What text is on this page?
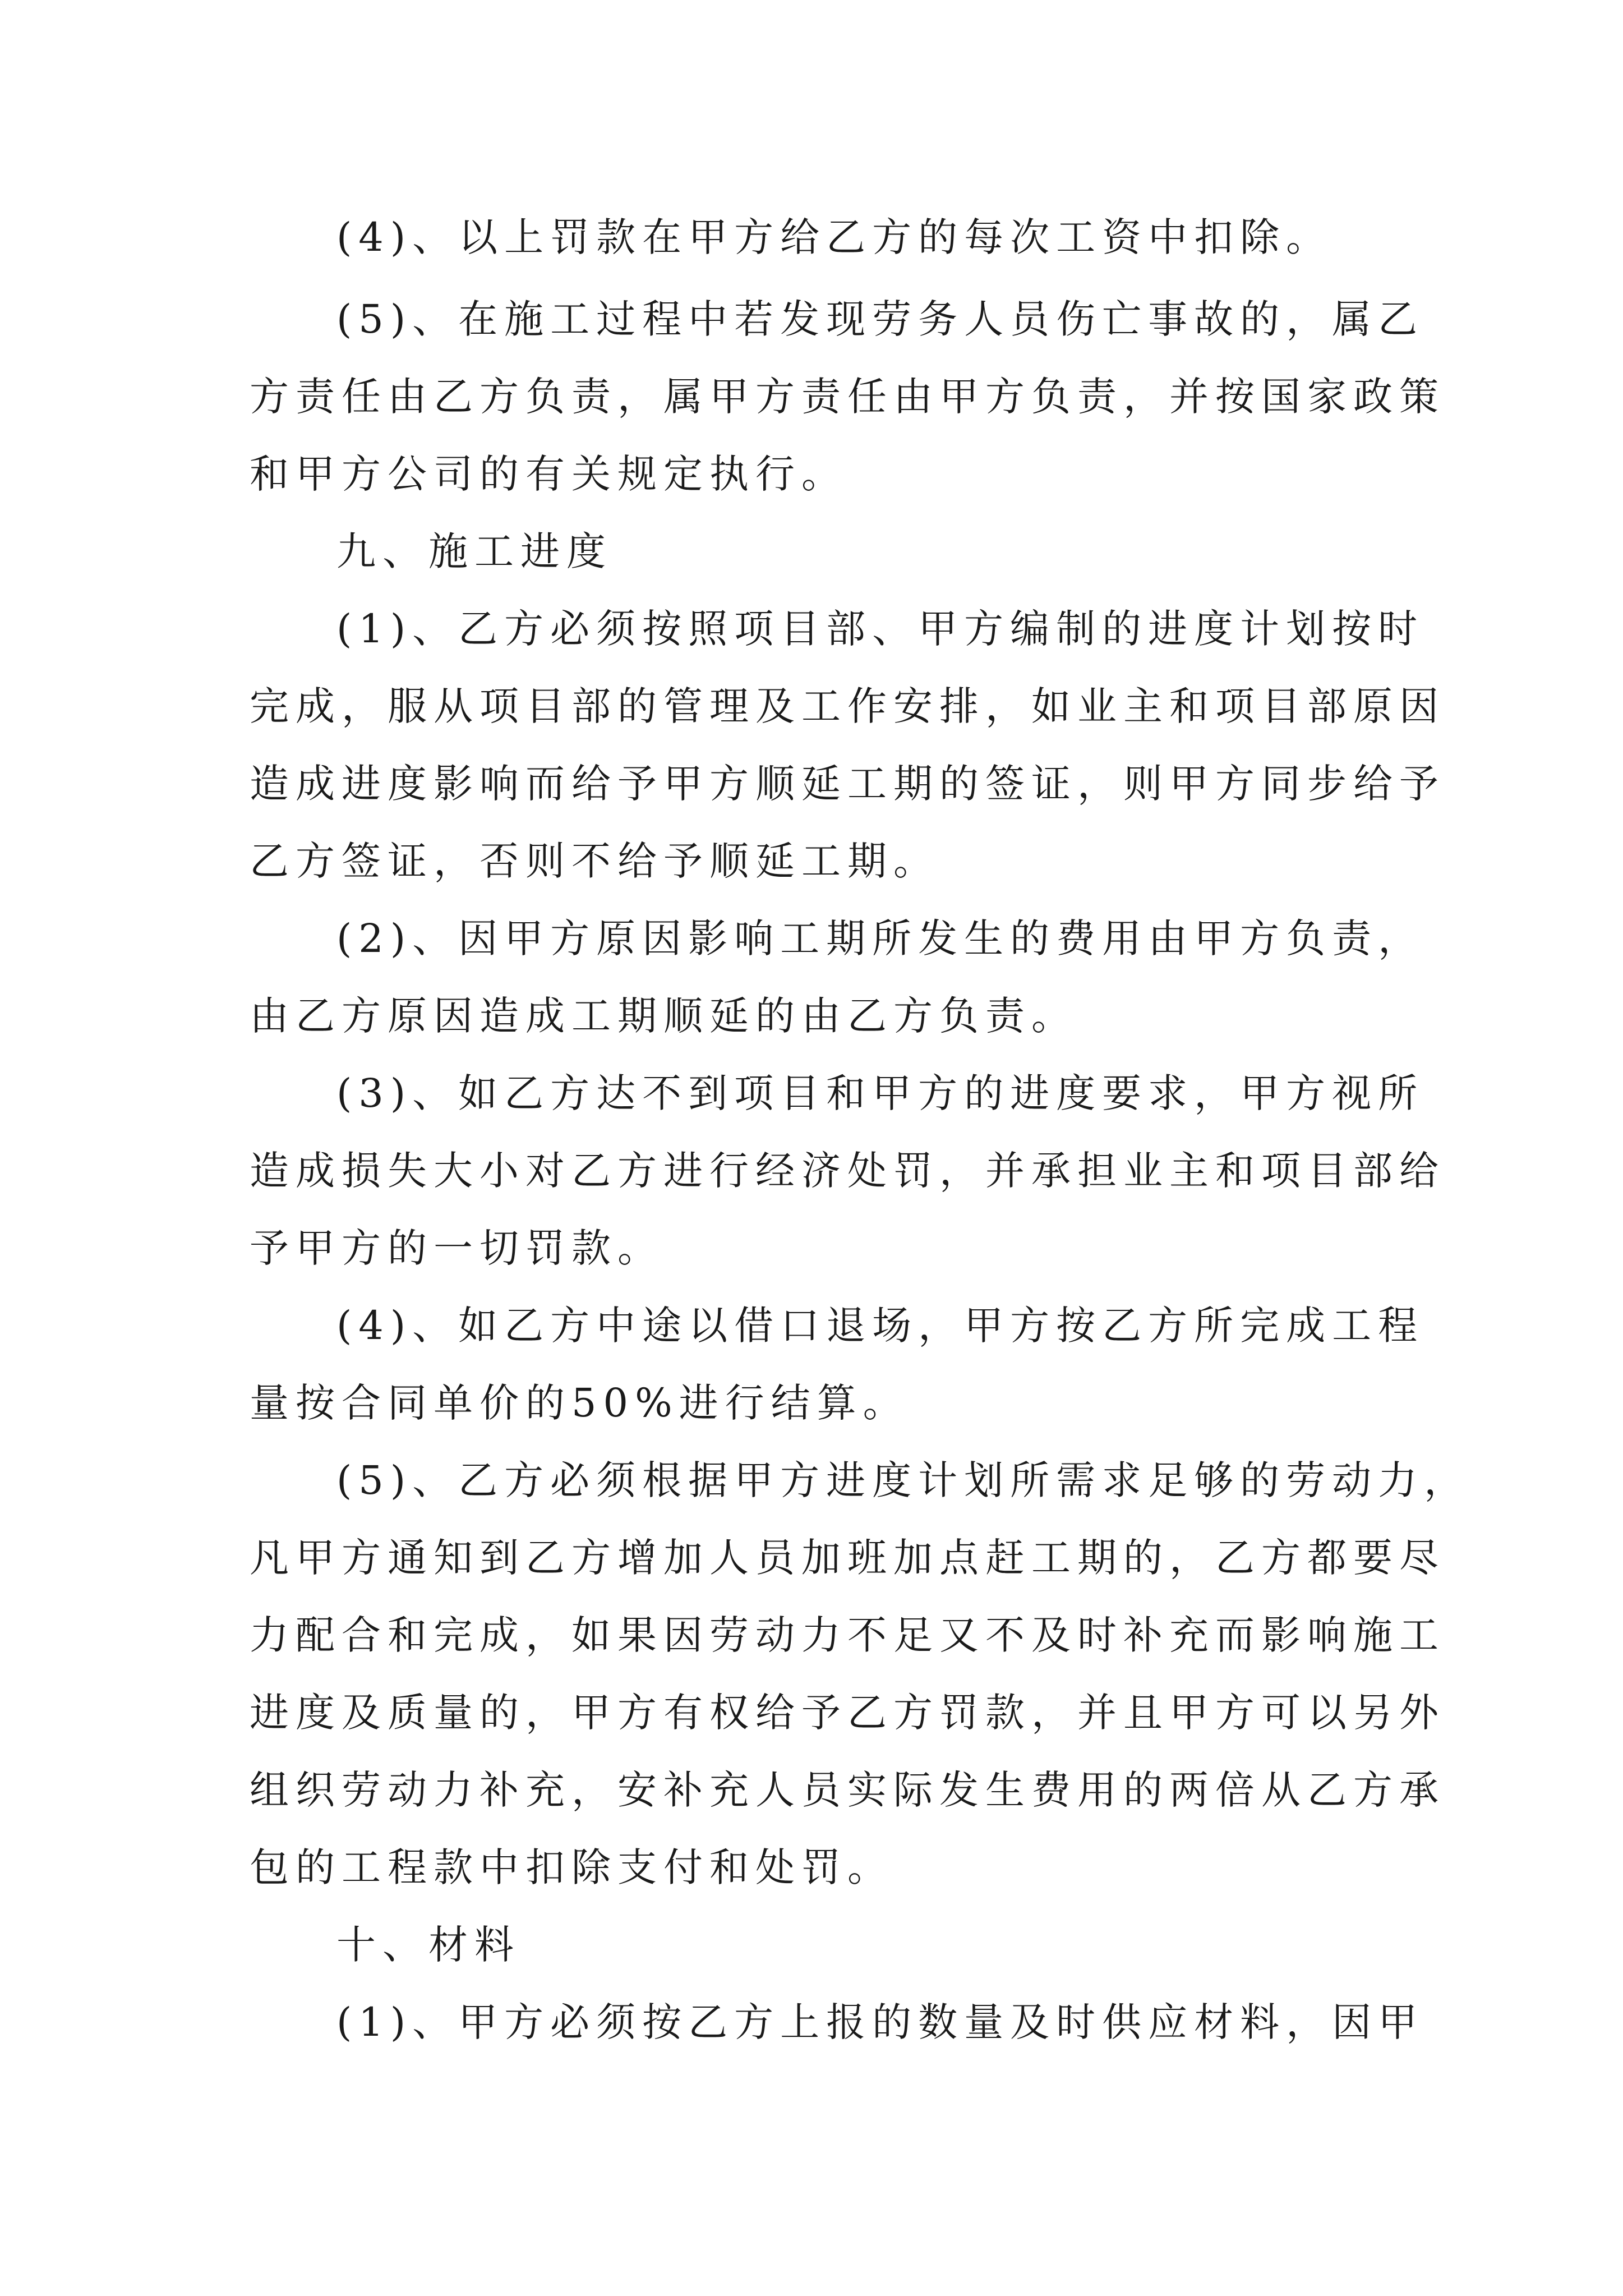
(4)、以上罚款在甲方给乙方的每次工资中扣除。
(5)、在施工过程中若发现劳务人员伤亡事故的，属乙
方责任由乙方负责，属甲方责任由甲方负责，并按国家政策
和甲方公司的有关规定执行。
九、施工进度
(1)、乙方必须按照项目部、甲方编制的进度计划按时
完成，服从项目部的管理及工作安排，如业主和项目部原因
造成进度影响而给予甲方顺延工期的签证，则甲方同步给予
乙方签证，否则不给予顺延工期。
(2)、因甲方原因影响工期所发生的费用由甲方负责，
由乙方原因造成工期顺延的由乙方负责。
(3)、如乙方达不到项目和甲方的进度要求，甲方视所
造成损失大小对乙方进行经济处罚，并承担业主和项目部给
予甲方的一切罚款。
(4)、如乙方中途以借口退场，甲方按乙方所完成工程
量按合同单价的50%进行结算。
(5)、乙方必须根据甲方进度计划所需求足够的劳动力，
凡甲方通知到乙方增加人员加班加点赶工期的，乙方都要尽
力配合和完成，如果因劳动力不足又不及时补充而影响施工
进度及质量的，甲方有权给予乙方罚款，并且甲方可以另外
组织劳动力补充，安补充人员实际发生费用的两倍从乙方承
包的工程款中扣除支付和处罚。
十、材料
(1)、甲方必须按乙方上报的数量及时供应材料，因甲
